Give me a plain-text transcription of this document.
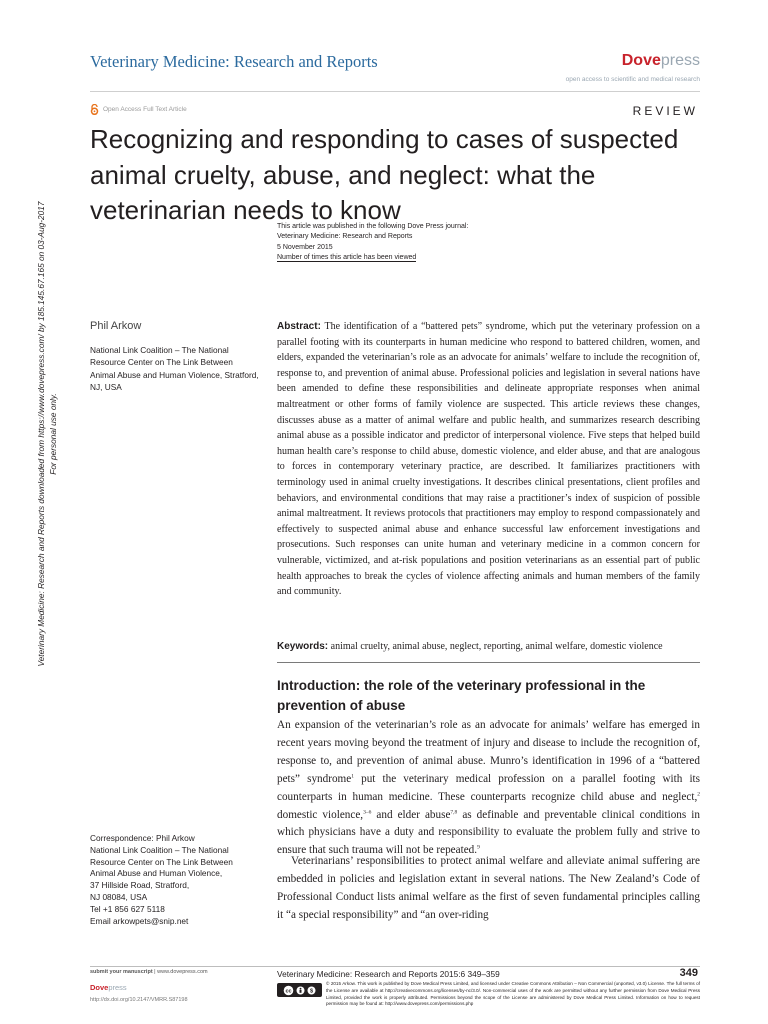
Veterinary Medicine: Research and Reports	Dovepress
open access to scientific and medical research
Open Access Full Text Article	REVIEW
Recognizing and responding to cases of suspected animal cruelty, abuse, and neglect: what the veterinarian needs to know
This article was published in the following Dove Press journal:
Veterinary Medicine: Research and Reports
5 November 2015
Number of times this article has been viewed
Phil Arkow
National Link Coalition – The National Resource Center on The Link Between Animal Abuse and Human Violence, Stratford, NJ, USA
Correspondence: Phil Arkow
National Link Coalition – The National
Resource Center on The Link Between
Animal Abuse and Human Violence,
37 Hillside Road, Stratford,
NJ 08084, USA
Tel +1 856 627 5118
Email arkowpets@snip.net
Veterinary Medicine: Research and Reports downloaded from https://www.dovepress.com/ by 185.145.67.165 on 03-Aug-2017 For personal use only.

Abstract: The identification of a “battered pets” syndrome, which put the veterinary profession on a parallel footing with its counterparts in human medicine who respond to battered children, women, and elders, expanded the veterinarian’s role as an advocate for animals’ welfare to include the recognition of, response to, and prevention of animal abuse. Professional policies and legislation in several nations have been amended to define these responsibilities and delineate appropriate responses when animal maltreatment or other forms of family violence are suspected. This article reviews these changes, discusses abuse as a matter of animal welfare and public health, and summarizes research describing animal abuse as a possible indicator and predictor of interpersonal violence. Five steps that helped build human health care’s response to child abuse, domestic violence, and elder abuse, and that are analogous to forces in contemporary veterinary practice, are described. It familiarizes practitioners with terminology used in animal cruelty investigations. It describes clinical presentations, client profiles and behaviors, and environmental conditions that may raise a practitioner’s index of suspicion of possible animal maltreatment. It reviews protocols that practitioners may employ to respond compassionately and effectively to suspected animal abuse and enhance successful law enforcement investigations and prosecutions. Such responses can unite human and veterinary medicine in a common concern for vulnerable, victimized, and at-risk populations and position veterinarians as an essential part of public health approaches to break the cycles of violence affecting animals and human members of the family and community.

Keywords: animal cruelty, animal abuse, neglect, reporting, animal welfare, domestic violence

Introduction: the role of the veterinary professional in the prevention of abuse

An expansion of the veterinarian’s role as an advocate for animals’ welfare has emerged in recent years moving beyond the treatment of injury and disease to include the recognition of, response to, and prevention of animal abuse. Munro’s identification in 1996 of a “battered pets” syndrome$^1$ put the veterinary medical profession on a parallel footing with its counterparts in human medicine. These counterparts recognize child abuse and neglect,$^2$ domestic violence,$^{3-6}$ and elder abuse$^{7,8}$ as definable and preventable clinical conditions in which physicians have a duty and responsibility to evaluate the problem fully and strive to ensure that such trauma will not be repeated.$^9$

Veterinarians’ responsibilities to protect animal welfare and alleviate animal suffering are embedded in policies and legislation extant in several nations. The New Zealand’s Code of Professional Conduct lists animal welfare as the first of seven fundamental principles calling it “a special responsibility” and “an over-riding

submit your manuscript | www.dovepress.com
Dovepress
http://dx.doi.org/10.2147/VMRR.S87198
Veterinary Medicine: Research and Reports 2015:6 349–359	349
cc	$
© 2015 Arkow. This work is published by Dove Medical Press Limited, and licensed under Creative Commons Attribution – Non Commercial (unported, v3.0) License. The full terms of the License are available at http://creativecommons.org/licenses/by-nc/3.0/. Non-commercial uses of the work are permitted without any further permission from Dove Medical Press Limited, provided the work is properly attributed. Permissions beyond the scope of the License are administered by Dove Medical Press Limited. Information on how to request permission may be found at: http://www.dovepress.com/permissions.php
